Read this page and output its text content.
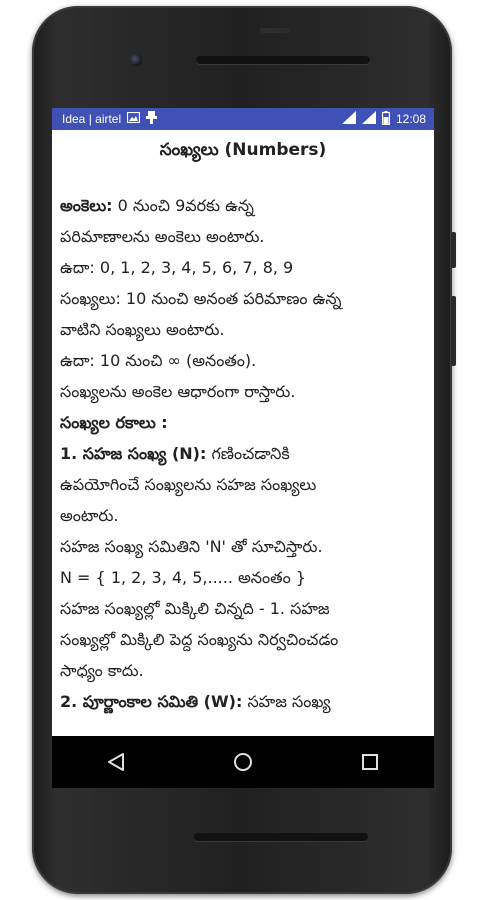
Idea | airtel	12:08
సంఖ్యలు (Numbers)
అంకెలు: 0 నుంచి 9వరకు ఉన్న
పరిమాణాలను అంకెలు అంటారు.
ఉదా: 0, 1, 2, 3, 4, 5, 6, 7, 8, 9
సంఖ్యలు: 10 నుంచి అనంత పరిమాణం ఉన్న
వాటిని సంఖ్యలు అంటారు.
ఉదా: 10 నుంచి ∞ (అనంతం).
సంఖ్యలను అంకెల ఆధారంగా రాస్తారు.
సంఖ్యల రకాలు :
1. సహజ సంఖ్య (N): గణించడానికి
ఉపయోగించే సంఖ్యలను సహజ సంఖ్యలు
అంటారు.
సహజ సంఖ్య సమితిని 'N' తో సూచిస్తారు.
N = { 1, 2, 3, 4, 5,..... అనంతం }
సహజ సంఖ్యల్లో మిక్కిలి చిన్నది - 1. సహజ
సంఖ్యల్లో మిక్కిలి పెద్ద సంఖ్యను నిర్వచించడం
సాధ్యం కాదు.
2. పూర్ణాంకాల సమితి (W): సహజ సంఖ్య
